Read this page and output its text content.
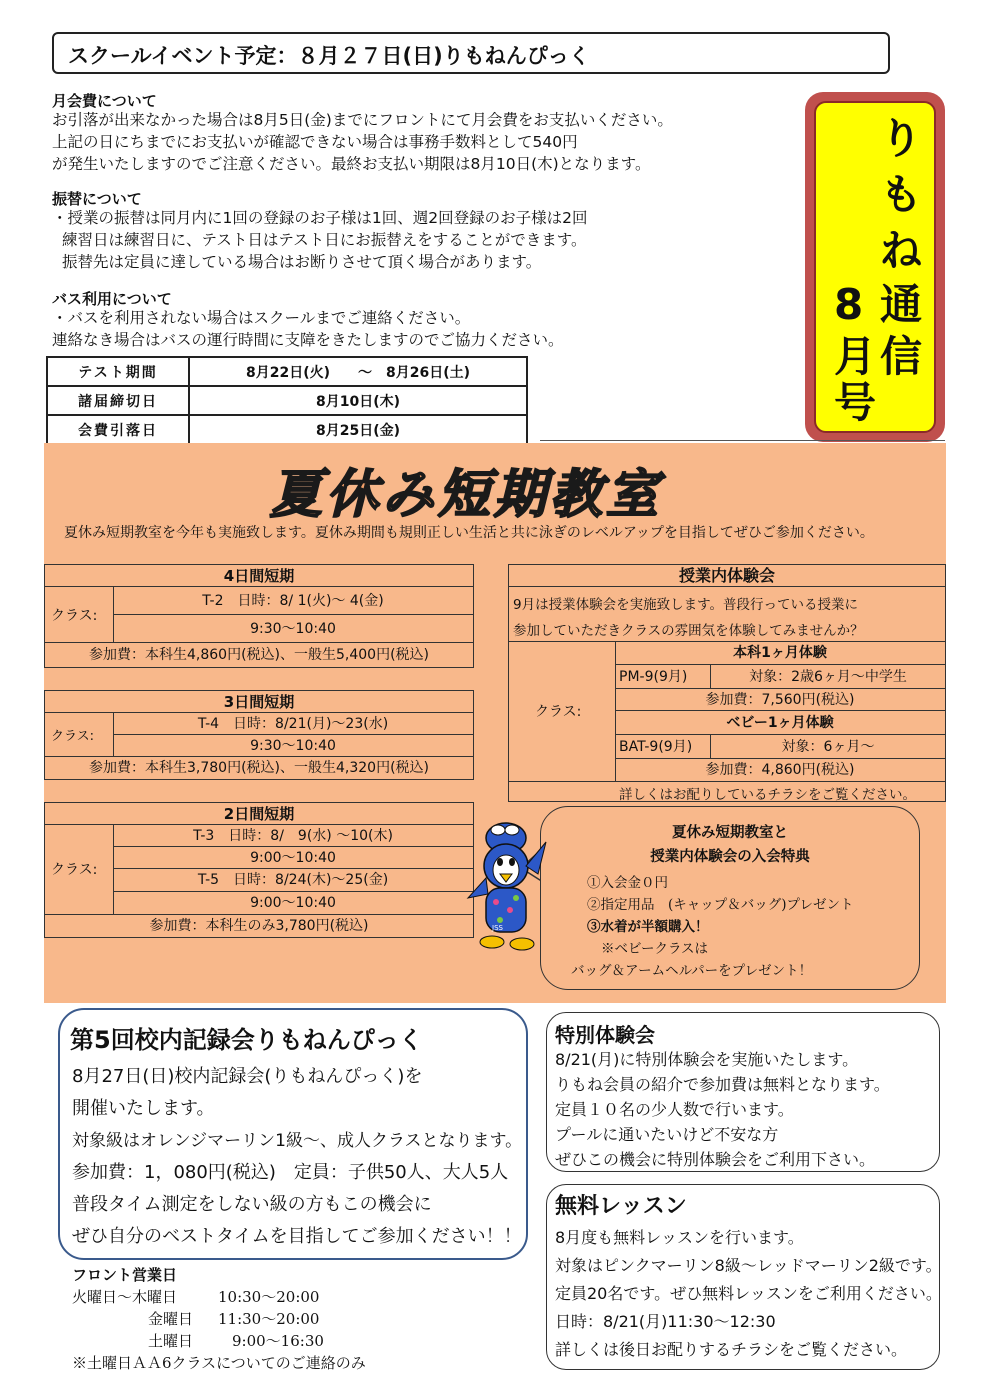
スクールイベント予定：８月２７日(日)りもねんぴっく
月会費について
お引落が出来なかった場合は8月5日(金)までにフロントにて月会費をお支払いください。
上記の日にちまでにお支払いが確認できない場合は事務手数料として540円
が発生いたしますのでご注意ください。最終お支払い期限は8月10日(木)となります。
振替について
・授業の振替は同月内に1回の登録のお子様は1回、週2回登録のお子様は2回
練習日は練習日に、テスト日はテスト日にお振替えをすることができます。
振替先は定員に達している場合はお断りさせて頂く場合があります。
バス利用について
・バスを利用されない場合はスクールまでご連絡ください。
連絡なき場合はバスの運行時間に支障をきたしますのでご協力ください。
り
も
ね
通
信
8
月
号
テスト期間	8月22日(火)　　～　8月26日(土)
諸届締切日	8月10日(木)
会費引落日	8月25日(金)
夏休み短期教室
夏休み短期教室を今年も実施致します。夏休み期間も規則正しい生活と共に泳ぎのレベルアップを目指してぜひご参加ください。
4日間短期
クラス:
T-2　日時：8/ 1(火)～ 4(金)
9:30～10:40
参加費：本科生4,860円(税込)、一般生5,400円(税込)
3日間短期
クラス:
T-4　日時：8/21(月)～23(水)
9:30～10:40
参加費：本科生3,780円(税込)、一般生4,320円(税込)
2日間短期
クラス:
T-3　日時：8/　9(水) ～10(木)
9:00～10:40
T-5　日時：8/24(木)～25(金)
9:00～10:40
参加費：本科生のみ3,780円(税込)
授業内体験会
9月は授業体験会を実施致します。普段行っている授業に
参加していただきクラスの雰囲気を体験してみませんか？
クラス:
本科1ヶ月体験
PM-9(9月)	対象：2歳6ヶ月～中学生
参加費：7,560円(税込)
ベビー1ヶ月体験
BAT-9(9月)	対象：6ヶ月～
参加費：4,860円(税込)
詳しくはお配りしているチラシをご覧ください。
夏休み短期教室と
授業内体験会の入会特典
①入会金０円
②指定用品　(キャップ＆バッグ)プレゼント
③水着が半額購入！
※ベビークラスは
バッグ＆アームヘルパーをプレゼント！
JSS
第5回校内記録会りもねんぴっく
8月27日(日)校内記録会(りもねんぴっく)を
開催いたします。
対象級はオレンジマーリン1級～、成人クラスとなります。
参加費：1，080円(税込)　定員：子供50人、大人5人
普段タイム測定をしない級の方もこの機会に
ぜひ自分のベストタイムを目指してご参加ください！！
特別体験会
8/21(月)に特別体験会を実施いたします。
りもね会員の紹介で参加費は無料となります。
定員１０名の少人数で行います。
プールに通いたいけど不安な方
ぜひこの機会に特別体験会をご利用下さい。
無料レッスン
8月度も無料レッスンを行います。
対象はピンクマーリン8級～レッドマーリン2級です。
定員20名です。ぜひ無料レッスンをご利用ください。
日時：8/21(月)11:30～12:30
詳しくは後日お配りするチラシをご覧ください。
フロント営業日
火曜日～木曜日	10:30～20:00
金曜日 11:30～20:00
土曜日	9:00～16:30
※土曜日ＡＡ6クラスについてのご連絡のみ
